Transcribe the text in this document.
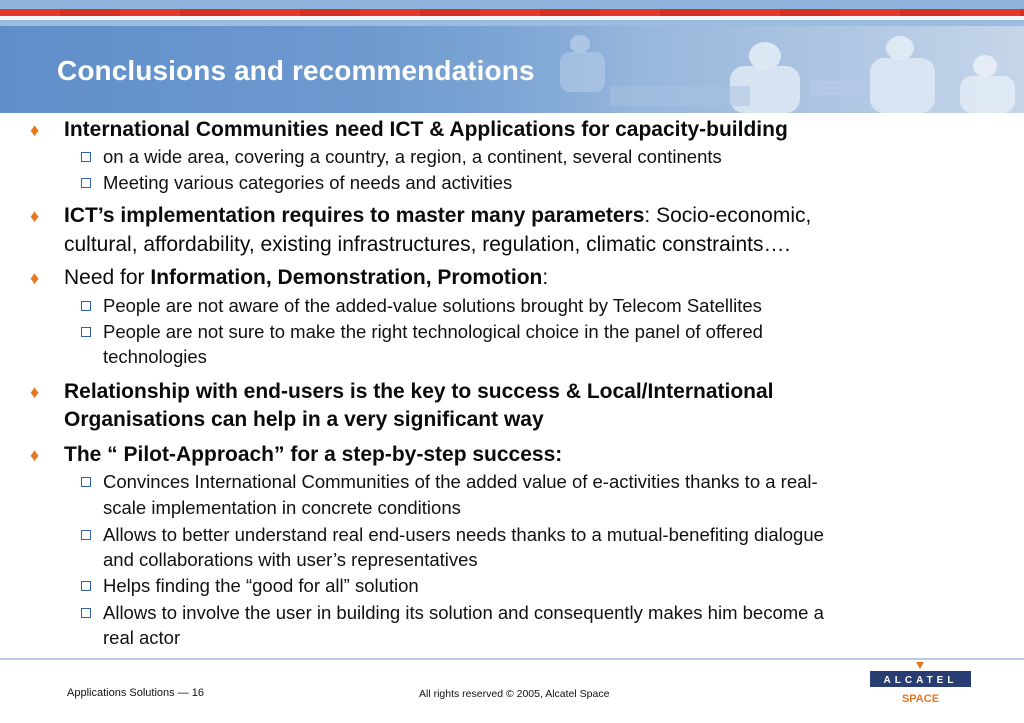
Conclusions and recommendations
♦ International Communities need ICT & Applications for capacity-building
on a wide area, covering a country, a region, a continent, several continents
Meeting various categories of needs and activities
♦ ICT’s implementation requires to master many parameters: Socio-economic,
cultural, affordability, existing infrastructures, regulation, climatic constraints….
♦ Need for Information, Demonstration, Promotion:
People are not aware of the added-value solutions brought by Telecom Satellites
People are not sure to make the right technological choice in the panel of offered
technologies
♦ Relationship with end-users is the key to success & Local/International
Organisations can help in a very significant way
♦ The “ Pilot-Approach” for a step-by-step success:
Convinces International Communities of the added value of e-activities thanks to a real-
scale implementation in concrete conditions
Allows to better understand real end-users needs thanks to a mutual-benefiting dialogue
and collaborations with user’s representatives
Helps finding the “good for all” solution
Allows to involve the user in building its solution and consequently makes him become a
real actor
Applications Solutions — 16	All rights reserved © 2005, Alcatel Space
ALCATEL
SPACE
